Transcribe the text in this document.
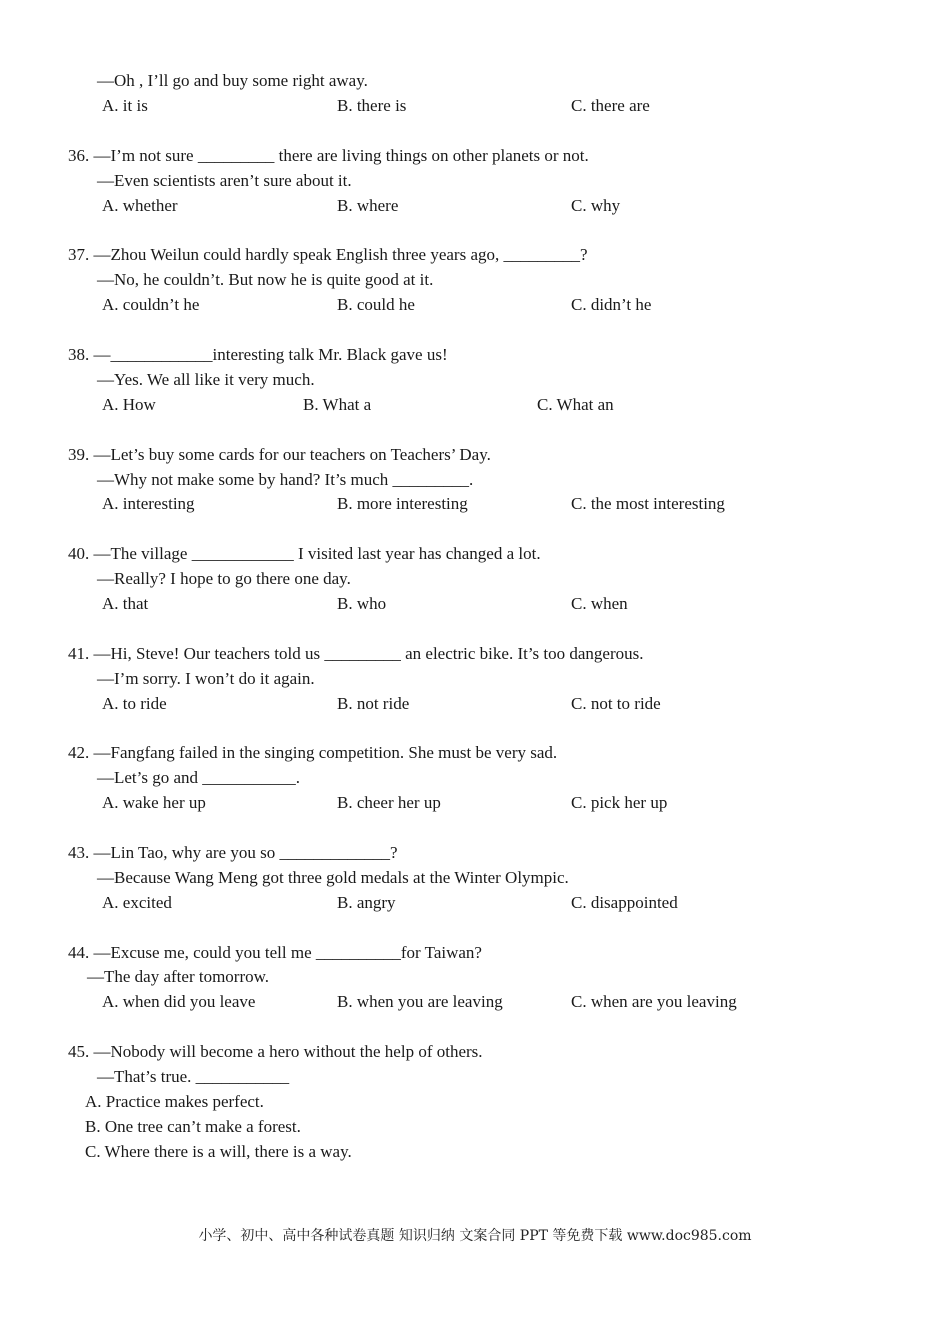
—Oh , I’ll go and buy some right away.
A. it is	B. there is	C. there are
36. —I’m not sure _________ there are living things on other planets or not.
—Even scientists aren’t sure about it.
A. whether	B. where	C. why
37. —Zhou Weilun could hardly speak English three years ago, _________?
—No, he couldn’t. But now he is quite good at it.
A. couldn’t he	B. could he	C. didn’t he
38. —____________interesting talk Mr. Black gave us!
—Yes. We all like it very much.
A. How	B. What a	C. What an
39. —Let’s buy some cards for our teachers on Teachers’ Day.
—Why not make some by hand? It’s much _________.
A. interesting	B. more interesting	C. the most interesting
40. —The village ____________ I visited last year has changed a lot.
—Really? I hope to go there one day.
A. that	B. who	C. when
41. —Hi, Steve! Our teachers told us _________ an electric bike. It’s too dangerous.
—I’m sorry. I won’t do it again.
A. to ride	B. not ride	C. not to ride
42. —Fangfang failed in the singing competition. She must be very sad.
—Let’s go and ___________.
A. wake her up	B. cheer her up	C. pick her up
43. —Lin Tao, why are you so _____________?
—Because Wang Meng got three gold medals at the Winter Olympic.
A. excited	B. angry	C. disappointed
44. —Excuse me, could you tell me __________for Taiwan?
—The day after tomorrow.
A. when did you leave	B. when you are leaving	C. when are you leaving
45. —Nobody will become a hero without the help of others.
—That’s true. ___________
A. Practice makes perfect.
B. One tree can’t make a forest.
C. Where there is a will, there is a way.
小学、初中、高中各种试卷真题 知识归纳 文案合同 PPT 等免费下载 www.doc985.com
